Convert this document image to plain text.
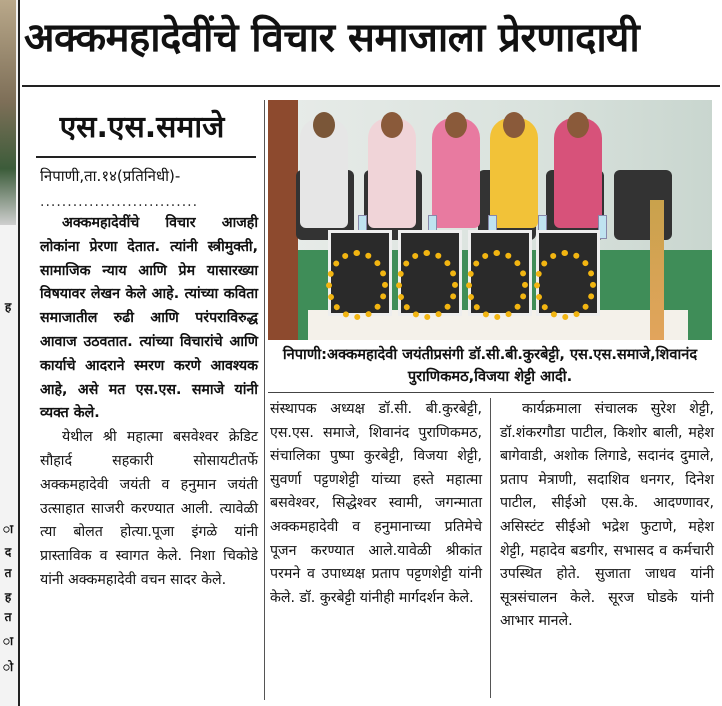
ह
ा
द
त
ह
त
ा
ो
अक्कमहादेवींचे विचार समाजाला प्रेरणादायी
एस.एस.समाजे
निपाणी,ता.१४(प्रतिनिधी)-
·····························

अक्कमहादेवींचे विचार आजही लोकांना प्रेरणा देतात. त्यांनी स्त्रीमुक्ती, सामाजिक न्याय आणि प्रेम यासारख्या विषयावर लेखन केले आहे. त्यांच्या कविता समाजातील रुढी आणि परंपराविरुद्ध आवाज उठवतात. त्यांच्या विचारांचे आणि कार्याचे आदराने स्मरण करणे आवश्यक आहे, असे मत एस.एस. समाजे यांनी व्यक्त केले.

येथील श्री महात्मा बसवेश्वर क्रेडिट सौहार्द सहकारी सोसायटीतर्फे अक्कमहादेवी जयंती व हनुमान जयंती उत्साहात साजरी करण्यात आली. त्यावेळी त्या बोलत होत्या.पूजा इंगळे यांनी प्रास्ताविक व स्वागत केले. निशा चिकोडे यांनी अक्कमहादेवी वचन सादर केले.

निपाणी:अक्कमहादेवी जयंतीप्रसंगी डॉ.सी.बी.कुरबेट्टी, एस.एस.समाजे,शिवानंद पुराणिकमठ,विजया शेट्टी आदी.

संस्थापक अध्यक्ष डॉ.सी. बी.कुरबेट्टी, एस.एस. समाजे, शिवानंद पुराणिकमठ, संचालिका पुष्पा कुरबेट्टी, विजया शेट्टी, सुवर्णा पट्टणशेट्टी यांच्या हस्ते महात्मा बसवेश्वर, सिद्धेश्वर स्वामी, जगन्माता अक्कमहादेवी व हनुमानाच्या प्रतिमेचे पूजन करण्यात आले.यावेळी श्रीकांत परमने व उपाध्यक्ष प्रताप पट्टणशेट्टी यांनी केले. डॉ. कुरबेट्टी यांनीही मार्गदर्शन केले.

कार्यक्रमाला संचालक सुरेश शेट्टी, डॉ.शंकरगौडा पाटील, किशोर बाली, महेश बागेवाडी, अशोक लिगाडे, सदानंद दुमाले, प्रताप मेत्राणी, सदाशिव धनगर, दिनेश पाटील, सीईओ एस.के. आदण्णावर, असिस्टंट सीईओ भद्रेश फुटाणे, महेश शेट्टी, महादेव बडगीर, सभासद व कर्मचारी उपस्थित होते. सुजाता जाधव यांनी सूत्रसंचालन केले. सूरज घोडके यांनी आभार मानले.
